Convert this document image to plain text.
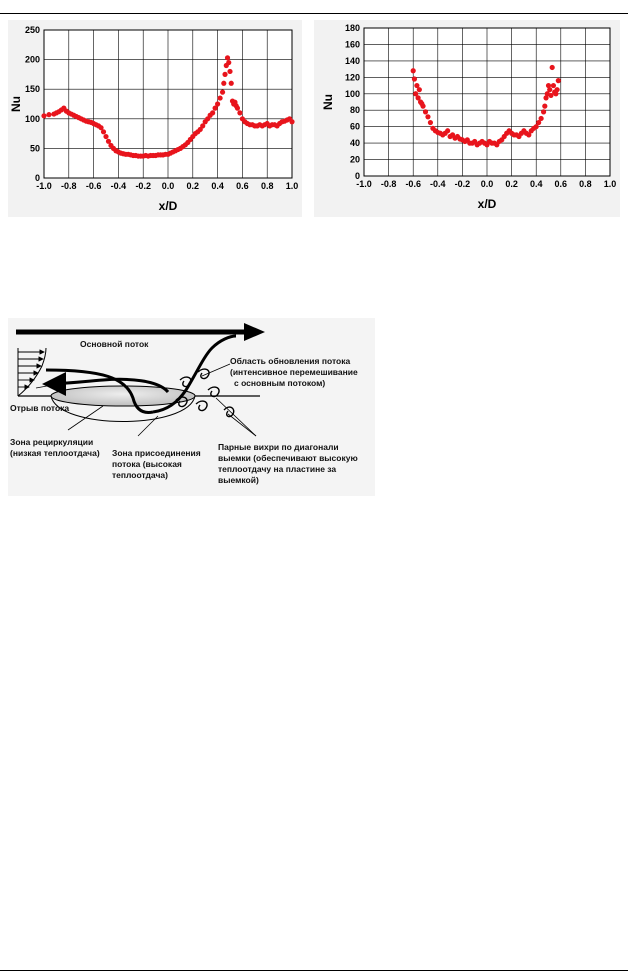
-1.0 -0.8 -0.6 -0.4 -0.2 0.0 0.2 0.4 0.6 0.8 1.0
0
50
100
150
200
250
x/D
Nu
-1.0 -0.8 -0.6 -0.4 -0.2 0.0 0.2 0.4 0.6 0.8 1.0
0
20
40
60
80
100
120
140
160
180
x/D
Nu
Основной поток
Область обновления потока (интенсивное перемешивание с основным потоком)
Отрыв потока
Зона рециркуляции (низкая теплоотдача) Зона присоединения потока (высокая теплоотдача)
Парные вихри по диагонали выемки (обеспечивают высокую теплоотдачу на пластине за выемкой)
